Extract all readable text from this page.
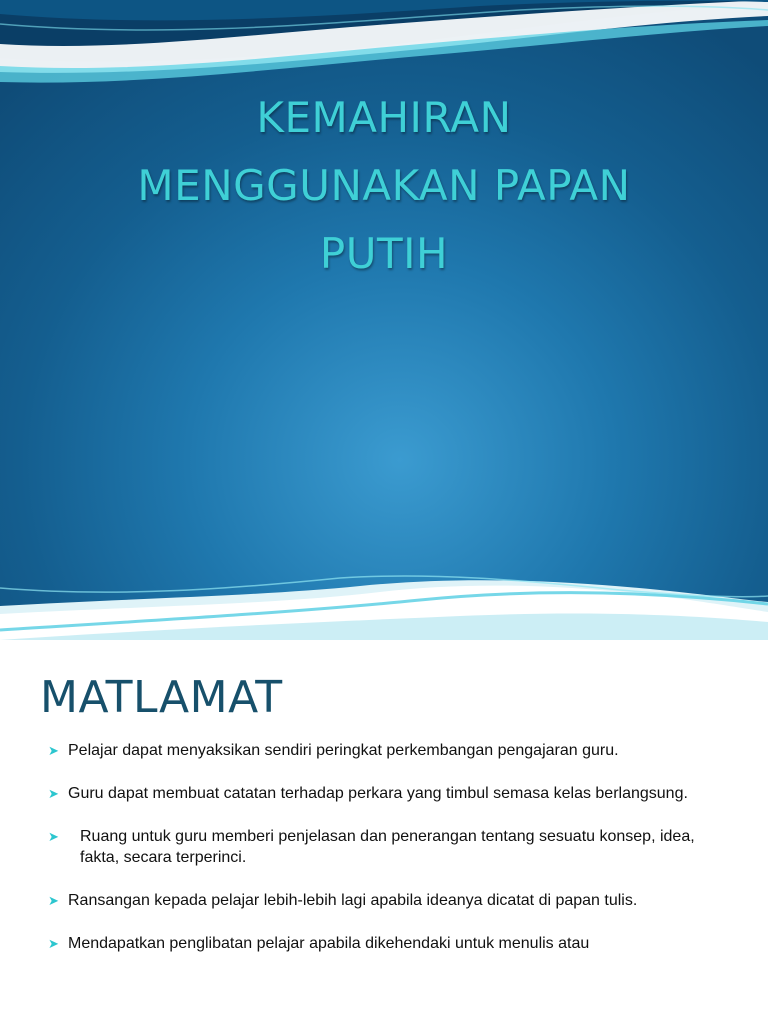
KEMAHIRAN
MENGGUNAKAN PAPAN
PUTIH
MATLAMAT
➤ Pelajar dapat menyaksikan sendiri peringkat perkembangan pengajaran guru.
➤ Guru dapat membuat catatan terhadap perkara yang timbul semasa kelas berlangsung.
➤	Ruang untuk guru memberi penjelasan dan penerangan tentang sesuatu konsep, idea, fakta, secara terperinci.
➤ Ransangan kepada pelajar lebih-lebih lagi apabila ideanya dicatat di papan tulis.
➤ Mendapatkan penglibatan pelajar apabila dikehendaki untuk menulis atau
